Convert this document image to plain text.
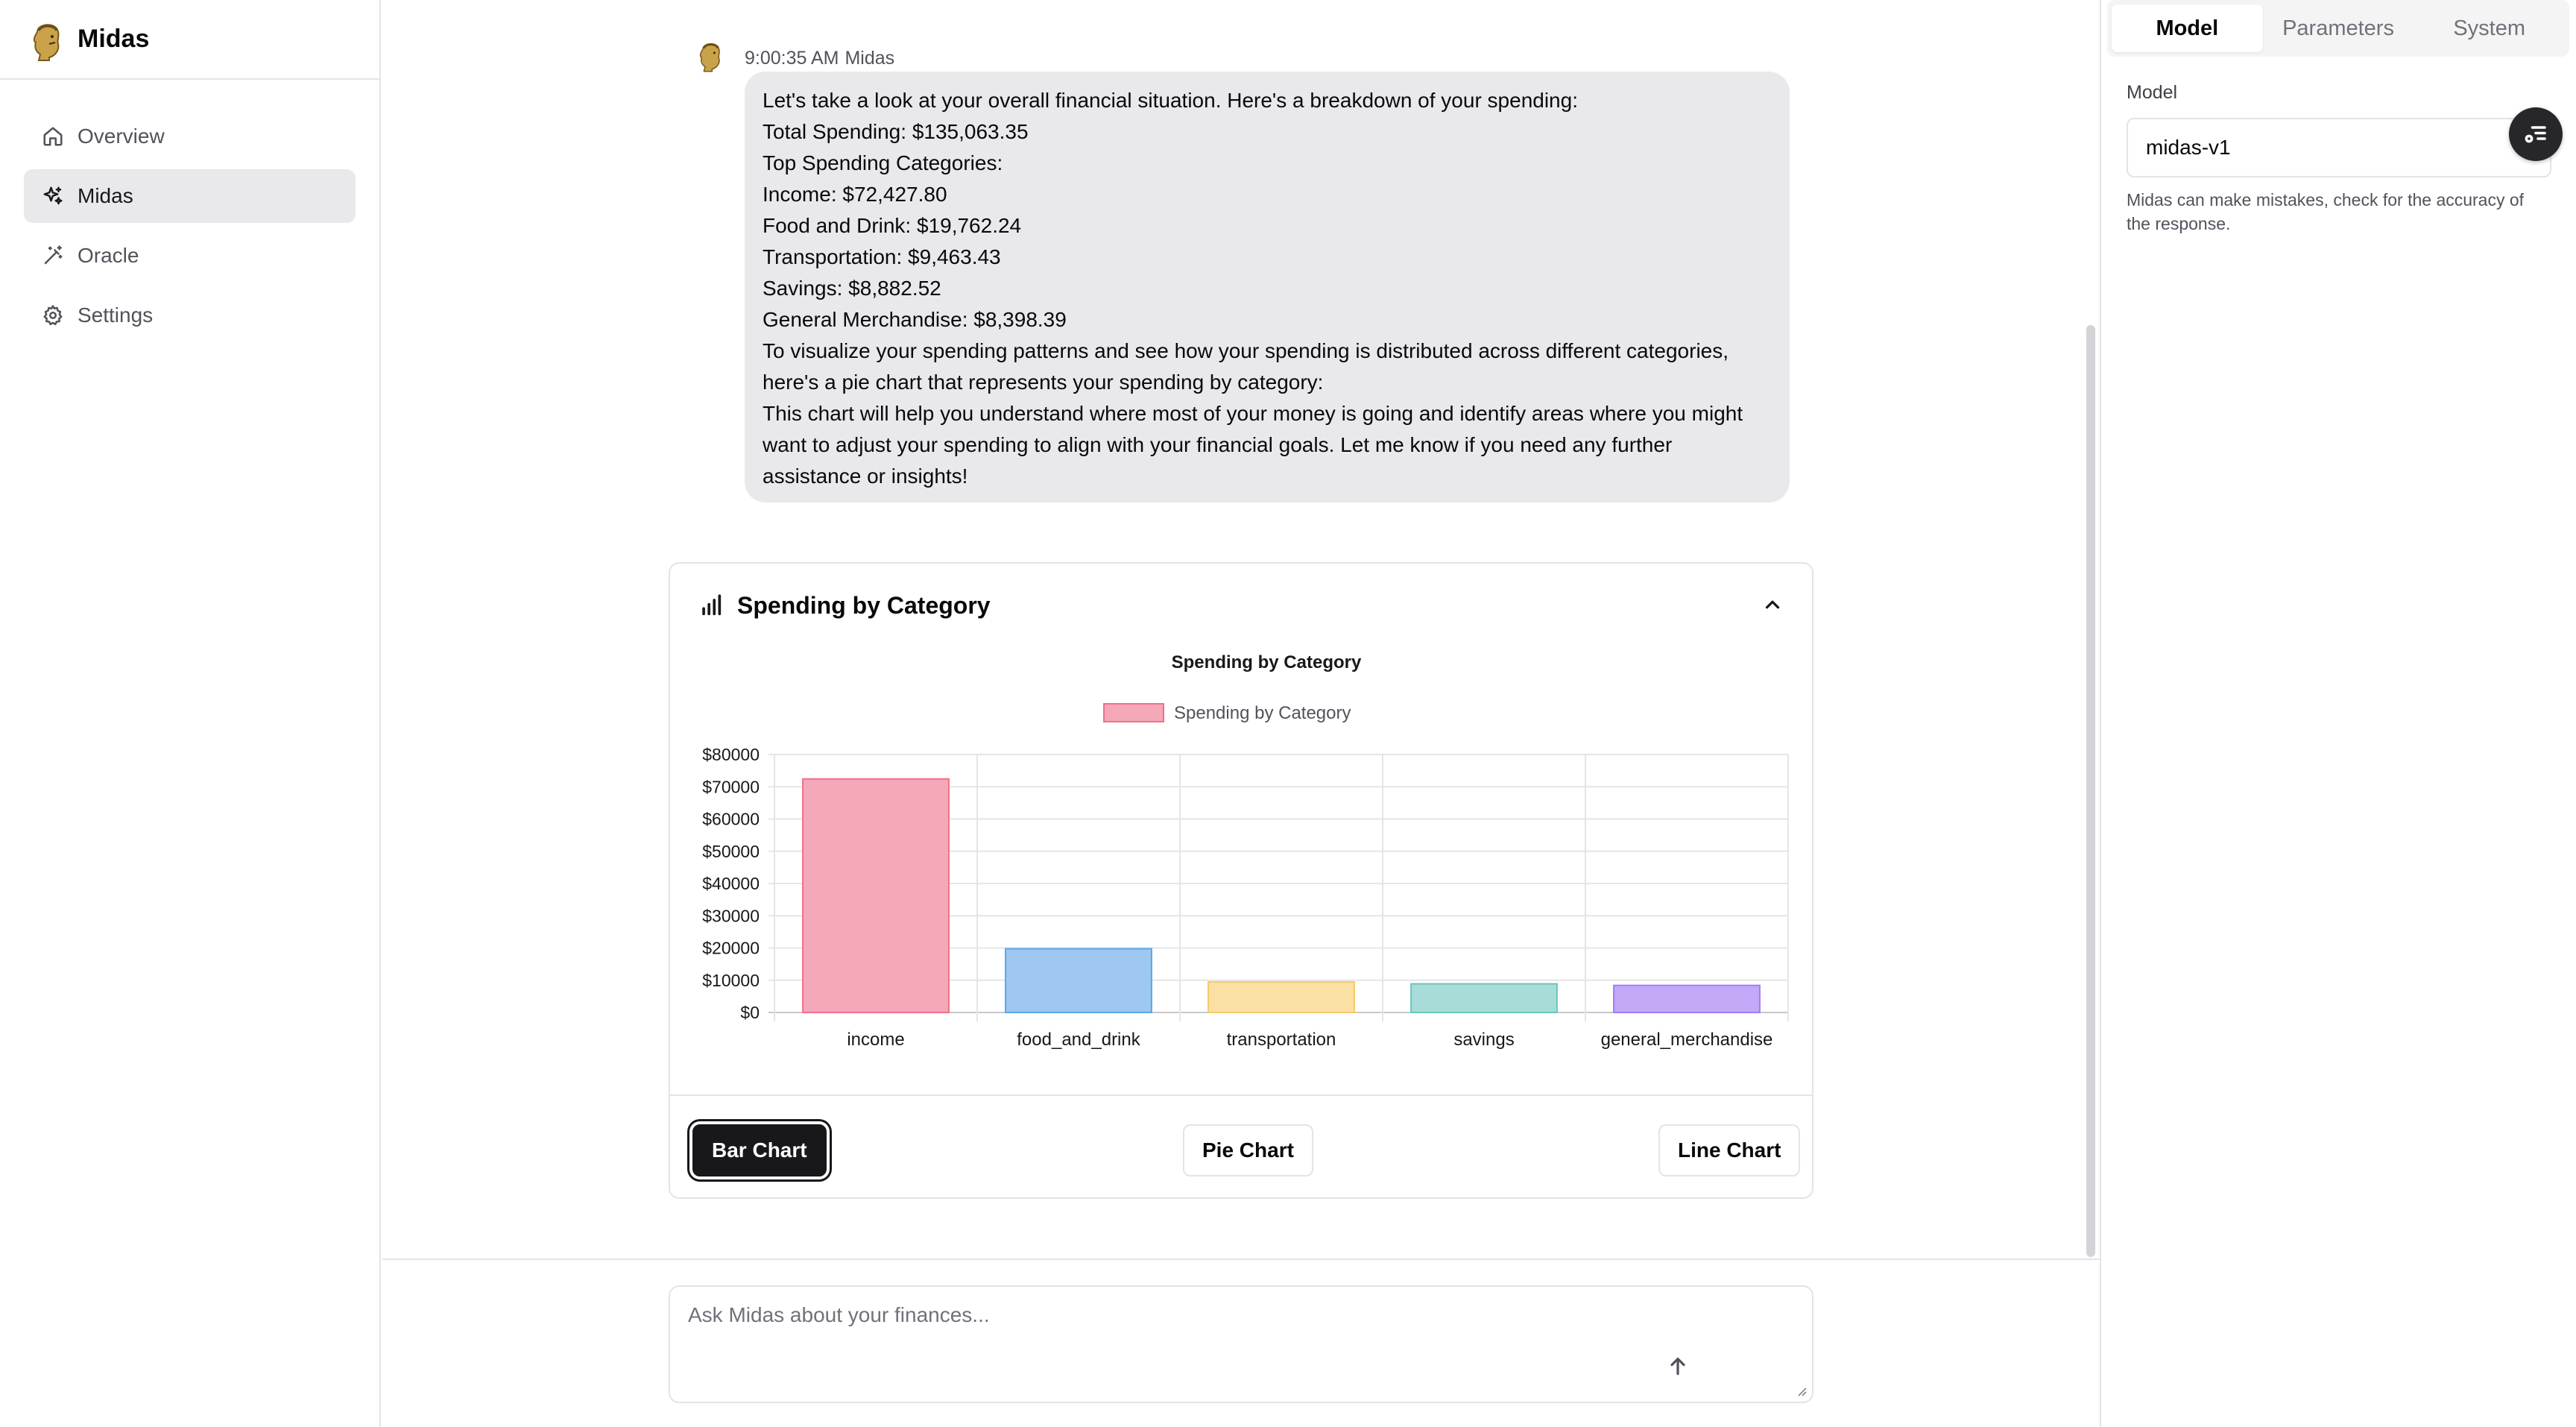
Midas
Overview
Midas
Oracle
Settings
9:00:35 AM Midas

Let's take a look at your overall financial situation. Here's a breakdown of your spending:

Total Spending: $135,063.35

Top Spending Categories:

Income: $72,427.80

Food and Drink: $19,762.24

Transportation: $9,463.43

Savings: $8,882.52

General Merchandise: $8,398.39

To visualize your spending patterns and see how your spending is distributed across different categories, here's a pie chart that represents your spending by category:

This chart will help you understand where most of your money is going and identify areas where you might want to adjust your spending to align with your financial goals. Let me know if you need any further assistance or insights!

Spending by Category
Spending by Category
Spending by Category
$0
$10000
$20000
$30000
$40000
$50000
$60000
$70000
$80000
income	food_and_drink	transportation	savings	general_merchandise
Bar Chart	Pie Chart	Line Chart
Ask Midas about your finances...
Model	Parameters	System
Model
midas-v1
Midas can make mistakes, check for the accuracy of the response.
